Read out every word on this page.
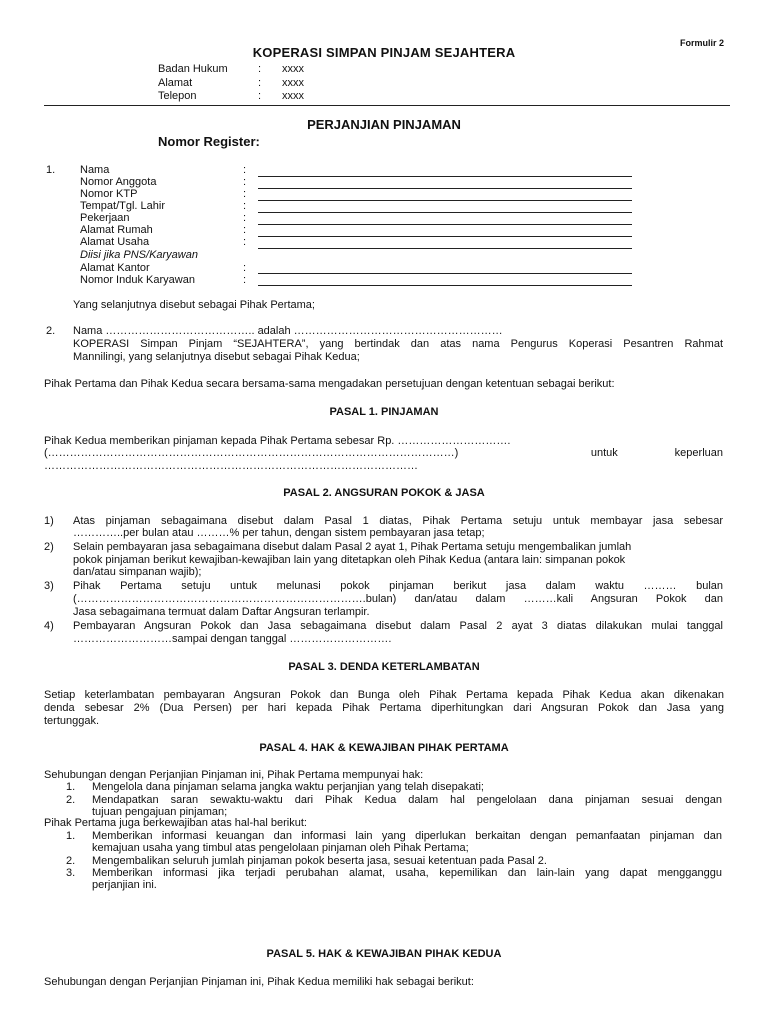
Formulir 2
KOPERASI SIMPAN PINJAM SEJAHTERA
Badan Hukum	: xxxx
Alamat	: xxxx
Telepon	: xxxx
PERJANJIAN PINJAMAN
Nomor Register:
1. Nama	:
Nomor Anggota	:
Nomor KTP	:
Tempat/Tgl. Lahir	:
Pekerjaan	:
Alamat Rumah	:
Alamat Usaha	:
Diisi jika PNS/Karyawan
Alamat Kantor	:
Nomor Induk Karyawan	:
Yang selanjutnya disebut sebagai Pihak Pertama;
2. Nama ………………………………….. adalah …………………………………………………
KOPERASI Simpan Pinjam “SEJAHTERA”, yang bertindak dan atas nama Pengurus Koperasi Pesantren Rahmat
Mannilingi, yang selanjutnya disebut sebagai Pihak Kedua;
Pihak Pertama dan Pihak Kedua secara bersama-sama mengadakan persetujuan dengan ketentuan sebagai berikut:
PASAL 1. PINJAMAN
Pihak Kedua memberikan pinjaman kepada Pihak Pertama sebesar Rp. ………………………….
(…………………………………………………………………………………………………)	untuk	keperluan
…………………………………………………………………………………………
PASAL 2. ANGSURAN POKOK & JASA
1) Atas pinjaman sebagaimana disebut dalam Pasal 1 diatas, Pihak Pertama setuju untuk membayar jasa sebesar
…………..per bulan atau ………% per tahun, dengan sistem pembayaran jasa tetap;
2) Selain pembayaran jasa sebagaimana disebut dalam Pasal 2 ayat 1, Pihak Pertama setuju mengembalikan jumlah
pokok pinjaman berikut kewajiban-kewajiban lain yang ditetapkan oleh Pihak Kedua (antara lain: simpanan pokok
dan/atau simpanan wajib);
3) Pihak Pertama setuju untuk melunasi pokok pinjaman berikut jasa dalam waktu ……… bulan
(…………………………………………………………………….bulan) dan/atau dalam ………kali Angsuran Pokok dan
Jasa sebagaimana termuat dalam Daftar Angsuran terlampir.
4) Pembayaran Angsuran Pokok dan Jasa sebagaimana disebut dalam Pasal 2 ayat 3 diatas dilakukan mulai tanggal
………………………sampai dengan tanggal ……………………….
PASAL 3. DENDA KETERLAMBATAN
Setiap keterlambatan pembayaran Angsuran Pokok dan Bunga oleh Pihak Pertama kepada Pihak Kedua akan dikenakan
denda sebesar 2% (Dua Persen) per hari kepada Pihak Pertama diperhitungkan dari Angsuran Pokok dan Jasa yang
tertunggak.
PASAL 4. HAK & KEWAJIBAN PIHAK PERTAMA
Sehubungan dengan Perjanjian Pinjaman ini, Pihak Pertama mempunyai hak:
1. Mengelola dana pinjaman selama jangka waktu perjanjian yang telah disepakati;
2. Mendapatkan saran sewaktu-waktu dari Pihak Kedua dalam hal pengelolaan dana pinjaman sesuai dengan
tujuan pengajuan pinjaman;
Pihak Pertama juga berkewajiban atas hal-hal berikut:
1. Memberikan informasi keuangan dan informasi lain yang diperlukan berkaitan dengan pemanfaatan pinjaman dan
kemajuan usaha yang timbul atas pengelolaan pinjaman oleh Pihak Pertama;
2. Mengembalikan seluruh jumlah pinjaman pokok beserta jasa, sesuai ketentuan pada Pasal 2.
3. Memberikan informasi jika terjadi perubahan alamat, usaha, kepemilikan dan lain-lain yang dapat mengganggu
perjanjian ini.
PASAL 5. HAK & KEWAJIBAN PIHAK KEDUA
Sehubungan dengan Perjanjian Pinjaman ini, Pihak Kedua memiliki hak sebagai berikut:
